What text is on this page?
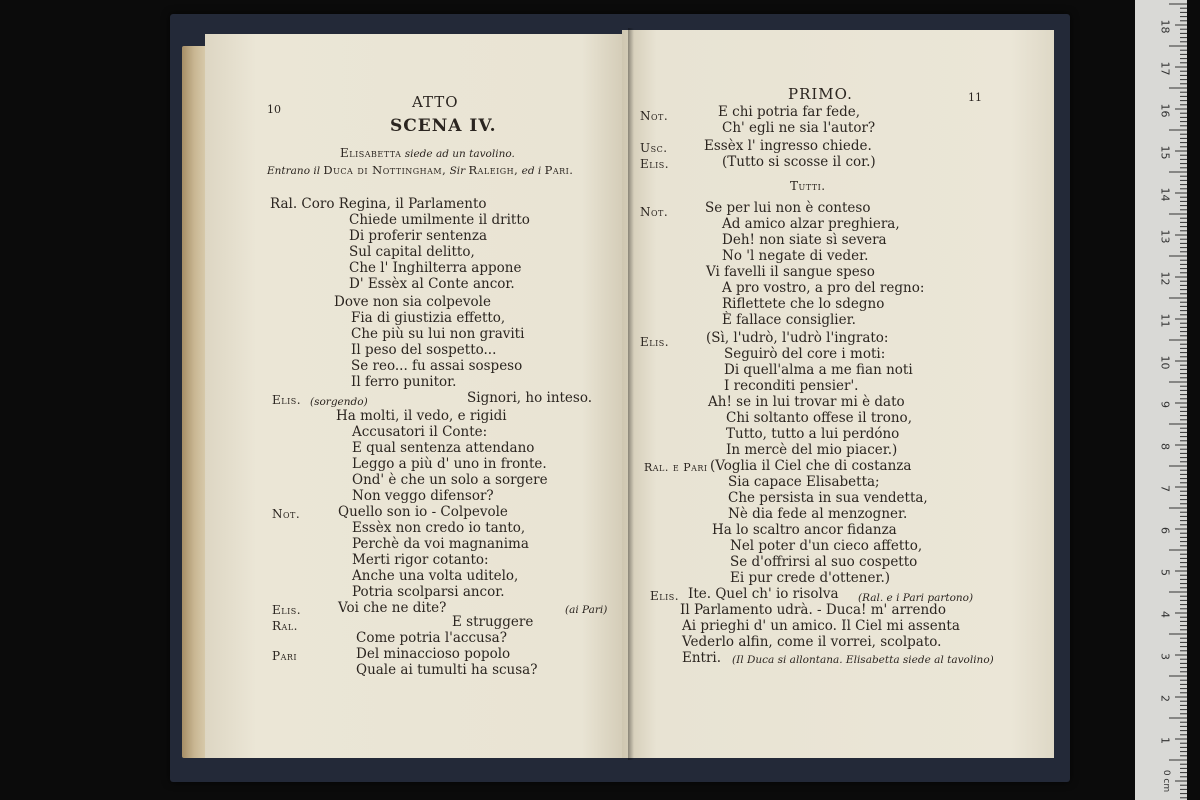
10	ATTO
SCENA IV.
Elisabetta siede ad un tavolino.
Entrano il Duca di Nottingham, Sir Raleigh, ed i Pari.
Ral. Coro Regina, il Parlamento
Chiede umilmente il dritto
Di proferir sentenza
Sul capital delitto,
Che l' Inghilterra appone
D' Essèx al Conte ancor.
Dove non sia colpevole
Fia di giustizia effetto,
Che più su lui non graviti
Il peso del sospetto...
Se reo... fu assai sospeso
Il ferro punitor.
Elis. (sorgendo)	Signori, ho inteso.
Ha molti, il vedo, e rigidi
Accusatori il Conte:
E qual sentenza attendano
Leggo a più d' uno in fronte.
Ond' è che un solo a sorgere
Non veggo difensor?
Not.	Quello son io - Colpevole
Essèx non credo io tanto,
Perchè da voi magnanima
Merti rigor cotanto:
Anche una volta uditelo,
Potria scolparsi ancor.
Elis.	Voi che ne dite?	(ai Pari)
Ral.	E struggere
Come potria l'accusa?
Pari	Del minaccioso popolo
Quale ai tumulti ha scusa?
PRIMO.	11
Not.	E chi potria far fede,
Ch' egli ne sia l'autor?
Usc.	Essèx l' ingresso chiede.
Elis.	(Tutto si scosse il cor.)
Tutti.
Not.	Se per lui non è conteso
Ad amico alzar preghiera,
Deh! non siate sì severa
No 'l negate di veder.
Vi favelli il sangue speso
A pro vostro, a pro del regno:
Riflettete che lo sdegno
È fallace consiglier.
Elis.	(Sì, l'udrò, l'udrò l'ingrato:
Seguirò del core i moti:
Di quell'alma a me fian noti
I reconditi pensier'.
Ah! se in lui trovar mi è dato
Chi soltanto offese il trono,
Tutto, tutto a lui perdóno
In mercè del mio piacer.)
Ral. e Pari (Voglia il Ciel che di costanza
Sia capace Elisabetta;
Che persista in sua vendetta,
Nè dia fede al menzogner.
Ha lo scaltro ancor fidanza
Nel poter d'un cieco affetto,
Se d'offrirsi al suo cospetto
Ei pur crede d'ottener.)
Elis. Ite. Quel ch' io risolva (Ral. e i Pari partono)
Il Parlamento udrà. - Duca! m' arrendo
Ai prieghi d' un amico. Il Ciel mi assenta
Vederlo alfin, come il vorrei, scolpato.
Entri. (Il Duca si allontana. Elisabetta siede al tavolino)
18
17
16
15
14
13
12
11
10
9
8
7
6
5
4
3
2
1
0 cm
